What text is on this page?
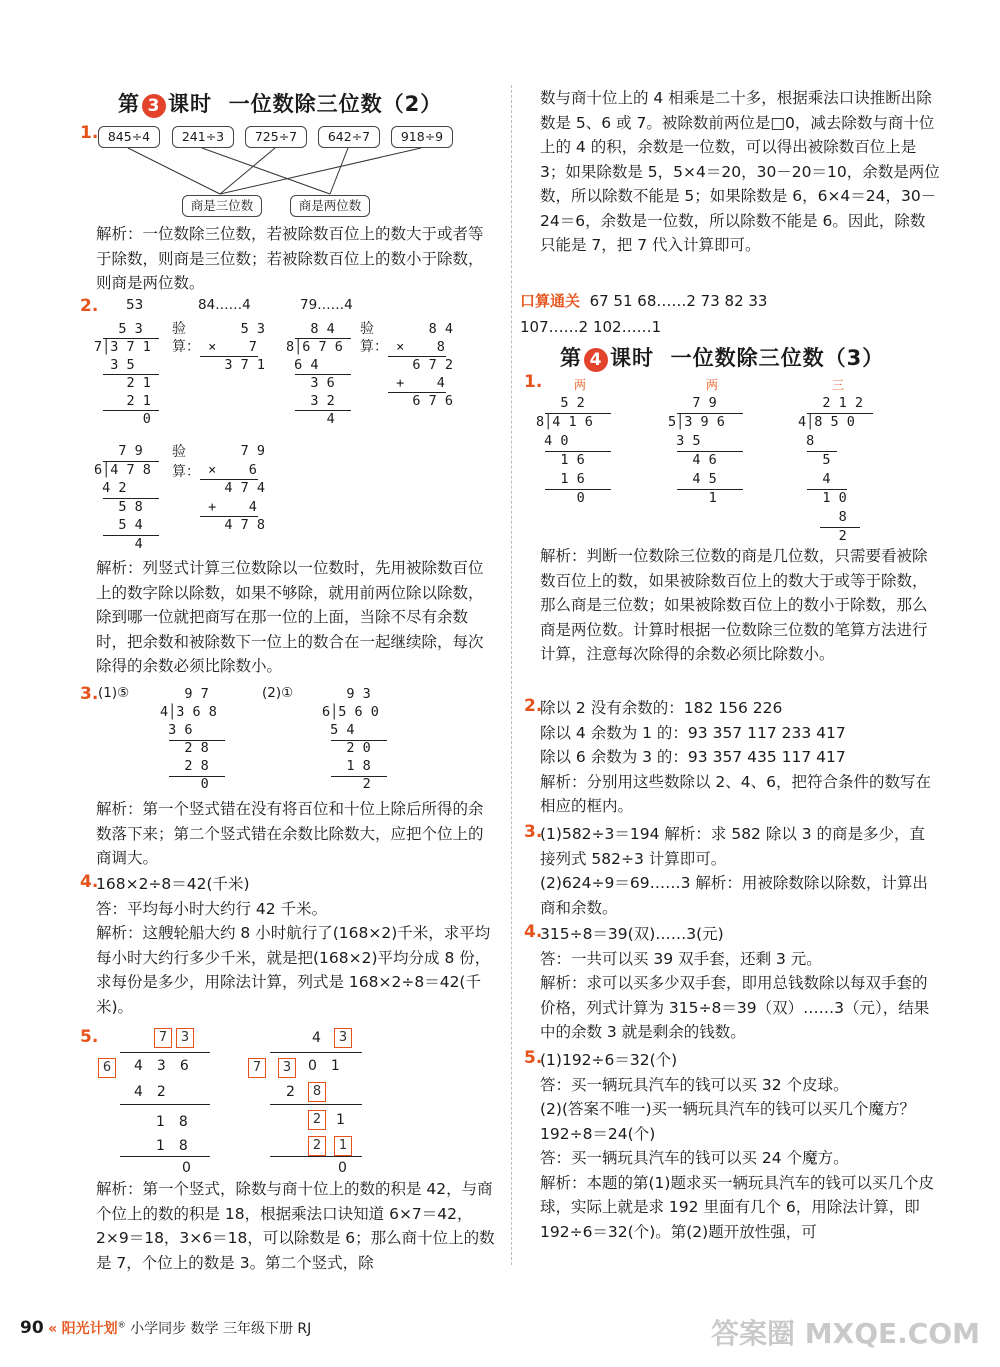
第 3 课时 一位数除三位数（2）
1. 845÷4	241÷3	725÷7	642÷7	918÷9
商是三位数	商是两位数

解析：一位数除三位数，若被除数百位上的数大于或者等于除数，则商是三位数；若被除数百位上的数小于除数，则商是两位数。

2. 53	84……4	79……4
5 3
7│3 7 1
3 5
2 1
2 1
0
验
算：
5 3
×    7
3 7 1
8 4
8│6 7 6
6 4
3 6
3 2
4
验
算：
8 4
×    8
6 7 2
+    4
6 7 6
7 9
6│4 7 8
4 2
5 8
5 4
4
验
算：
7 9
×    6
4 7 4
+    4
4 7 8

解析：列竖式计算三位数除以一位数时，先用被除数百位上的数字除以除数，如果不够除，就用前两位除以除数，除到哪一位就把商写在那一位的上面，当除不尽有余数时，把余数和被除数下一位上的数合在一起继续除，每次除得的余数必须比除数小。

3. (1)⑤	(2)①
9 7
4│3 6 8
3 6
2 8
2 8
0
9 3
6│5 6 0
5 4
2 0
1 8
2

解析：第一个竖式错在没有将百位和十位上除后所得的余数落下来；第二个竖式错在余数比除数大，应把个位上的商调大。

4.

168×2÷8＝42(千米)

答：平均每小时大约行 42 千米。

解析：这艘轮船大约 8 小时航行了(168×2)千米，求平均每小时大约行多少千米，就是把(168×2)平均分成 8 份，求每份是多少，用除法计算，列式是 168×2÷8＝42(千米)。

5.	7	3
6	436
42
18
18
0
4	3
7	3	01
2	8
2	1
2	1
0

解析：第一个竖式，除数与商十位上的数的积是 42，与商个位上的数的积是 18，根据乘法口诀知道 6×7＝42，2×9＝18，3×6＝18，可以除数是 6；那么商十位上的数是 7，个位上的数是 3。第二个竖式，除

数与商十位上的 4 相乘是二十多，根据乘法口诀推断出除数是 5、6 或 7。被除数前两位是□0，减去除数与商十位上的 4 的积，余数是一位数，可以得出被除数百位上是 3；如果除数是 5，5×4＝20，30－20＝10，余数是两位数，所以除数不能是 5；如果除数是 6，6×4＝24，30－24＝6，余数是一位数，所以除数不能是 6。因此，除数只能是 7，把 7 代入计算即可。

口算通关 67 51 68……2 73 82 33
107……2 102……1
第 4 课时 一位数除三位数（3）
1.	两	两	三
5 2
8│4 1 6
4 0
1 6
1 6
0
7 9
5│3 9 6
3 5
4 6
4 5
1
2 1 2
4│8 5 0
8
5
4
1 0
8
2

解析：判断一位数除三位数的商是几位数，只需要看被除数百位上的数，如果被除数百位上的数大于或等于除数，那么商是三位数；如果被除数百位上的数小于除数，那么商是两位数。计算时根据一位数除三位数的笔算方法进行计算，注意每次除得的余数必须比除数小。

2.

除以 2 没有余数的：182 156 226

除以 4 余数为 1 的：93 357 117 233 417

除以 6 余数为 3 的：93 357 435 117 417

解析：分别用这些数除以 2、4、6，把符合条件的数写在相应的框内。

3.

(1)582÷3＝194 解析：求 582 除以 3 的商是多少，直接列式 582÷3 计算即可。

(2)624÷9＝69……3 解析：用被除数除以除数，计算出商和余数。

4.

315÷8＝39(双)……3(元)

答：一共可以买 39 双手套，还剩 3 元。

解析：求可以买多少双手套，即用总钱数除以每双手套的价格，列式计算为 315÷8＝39（双）……3（元），结果中的余数 3 就是剩余的钱数。

5.

(1)192÷6＝32(个)

答：买一辆玩具汽车的钱可以买 32 个皮球。

(2)(答案不唯一)买一辆玩具汽车的钱可以买几个魔方？

192÷8＝24(个)

答：买一辆玩具汽车的钱可以买 24 个魔方。

解析：本题的第(1)题求买一辆玩具汽车的钱可以买几个皮球，实际上就是求 192 里面有几个 6，用除法计算，即 192÷6＝32(个)。第(2)题开放性强，可

90 « 阳光计划® 小学同步 数学 三年级下册 RJ	答案圈 MXQE.COM
